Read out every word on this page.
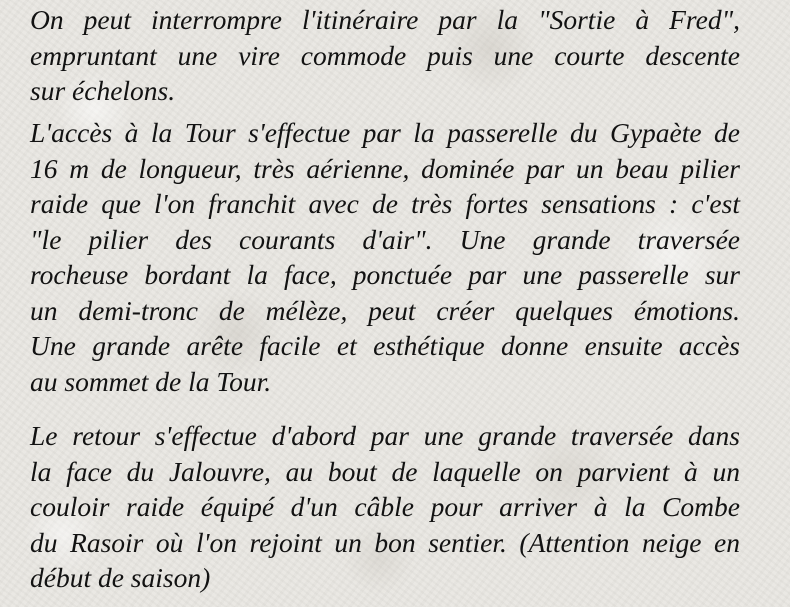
On peut interrompre l'itinéraire par la "Sortie à Fred",
empruntant une vire commode puis une courte descente
sur échelons.
L'accès à la Tour s'effectue par la passerelle du Gypaète de
16 m de longueur, très aérienne, dominée par un beau pilier
raide que l'on franchit avec de très fortes sensations : c'est
"le pilier des courants d'air". Une grande traversée
rocheuse bordant la face, ponctuée par une passerelle sur
un demi-tronc de mélèze, peut créer quelques émotions.
Une grande arête facile et esthétique donne ensuite accès
au sommet de la Tour.
Le retour s'effectue d'abord par une grande traversée dans
la face du Jalouvre, au bout de laquelle on parvient à un
couloir raide équipé d'un câble pour arriver à la Combe
du Rasoir où l'on rejoint un bon sentier. (Attention neige en
début de saison)
